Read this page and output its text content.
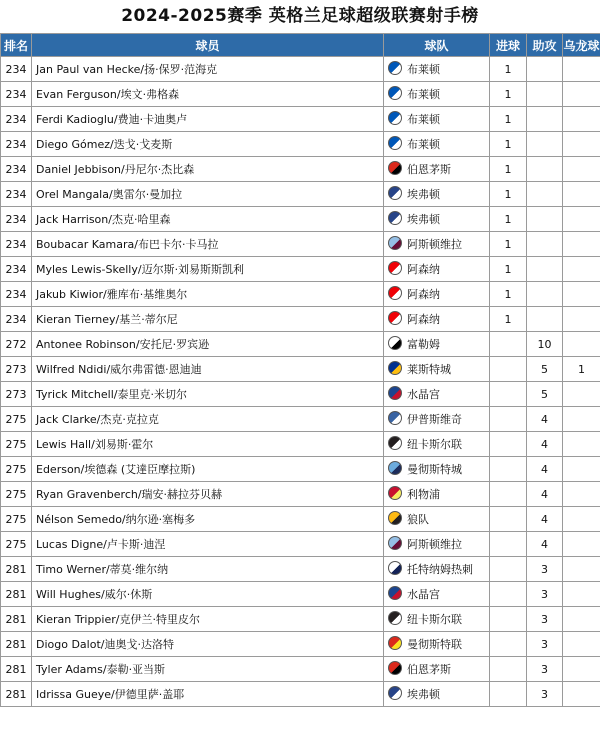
2024-2025赛季 英格兰足球超级联赛射手榜
排名	球员	球队	进球	助攻	乌龙球
234	Jan Paul van Hecke/扬·保罗·范海克	布莱顿	1		
234	Evan Ferguson/埃文·弗格森	布莱顿	1		
234	Ferdi Kadioglu/费迪·卡迪奥卢	布莱顿	1		
234	Diego Gómez/迭戈·戈麦斯	布莱顿	1		
234	Daniel Jebbison/丹尼尔·杰比森	伯恩茅斯	1		
234	Orel Mangala/奥雷尔·曼加拉	埃弗顿	1		
234	Jack Harrison/杰克·哈里森	埃弗顿	1		
234	Boubacar Kamara/布巴卡尔·卡马拉	阿斯顿维拉	1		
234	Myles Lewis-Skelly/迈尔斯·刘易斯斯凯利	阿森纳	1		
234	Jakub Kiwior/雅库布·基维奥尔	阿森纳	1		
234	Kieran Tierney/基兰·蒂尔尼	阿森纳	1		
272	Antonee Robinson/安托尼·罗宾逊	富勒姆		10	
273	Wilfred Ndidi/威尔弗雷德·恩迪迪	莱斯特城		5	1
273	Tyrick Mitchell/泰里克·米切尔	水晶宫		5	
275	Jack Clarke/杰克·克拉克	伊普斯维奇		4	
275	Lewis Hall/刘易斯·霍尔	纽卡斯尔联		4	
275	Ederson/埃德森 (艾達臣摩拉斯)	曼彻斯特城		4	
275	Ryan Gravenberch/瑞安·赫拉芬贝赫	利物浦		4	
275	Nélson Semedo/纳尔逊·塞梅多	狼队		4	
275	Lucas Digne/卢卡斯·迪涅	阿斯顿维拉		4	
281	Timo Werner/蒂莫·维尔纳	托特纳姆热刺		3	
281	Will Hughes/威尔·休斯	水晶宫		3	
281	Kieran Trippier/克伊兰·特里皮尔	纽卡斯尔联		3	
281	Diogo Dalot/迪奥戈·达洛特	曼彻斯特联		3	
281	Tyler Adams/泰勒·亚当斯	伯恩茅斯		3	
281	Idrissa Gueye/伊德里萨·盖耶	埃弗顿		3	
